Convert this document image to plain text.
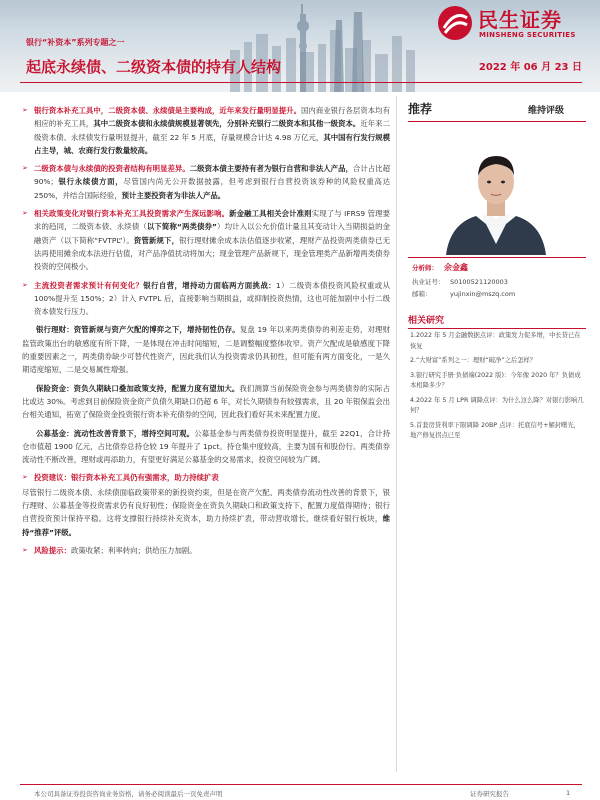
民生证券
MINSHENG SECURITIES
银行“补资本”系列专题之一
起底永续债、二级资本债的持有人结构	2022 年 06 月 23 日

➢ 银行资本补充工具中，二级资本债、永续债是主要构成，近年来发行量明显提升。国内商业银行各层资本均有相应的补充工具，其中二级资本债和永续债规模显著领先，分别补充银行二级资本和其他一级资本。近年来二级资本债、永续债发行量明显提升，截至 22 年 5 月底，存量规模合计达 4.98 万亿元，其中国有行发行规模占主导，城、农商行发行数量较高。

➢ 二级资本债与永续债的投资者结构有明显差异。二级资本债主要持有者为银行自营和非法人产品，合计占比超 90%；银行永续债方面，尽管国内尚无公开数据披露，但考虑到银行自营投资该券种的风险权重高达 250%，并结合国际经验，预计主要投资者为非法人产品。

➢ 相关政策变化对银行资本补充工具投资需求产生深远影响。新金融工具相关会计准则实现了与 IFRS9 管理要求的趋同，二级资本债、永续债（以下简称“两类债券”）均计入以公允价值计量且其变动计入当期损益的金融资产（以下简称“FVTPL”）。资管新规下，银行理财摊余成本法估值逐步收紧，理财产品投资两类债券已无法再使用摊余成本法进行估值，对产品净值扰动将加大；现金管理产品新规下，现金管理类产品新增两类债券投资的空间极小。

➢ 主流投资者需求预计有何变化？银行自营，增持动力面临两方面挑战：1）二级资本债投资风险权重或从 100%提升至 150%；2）计入 FVTPL 后，直接影响当期损益，或抑制投资热情，这也可能加剧中小行二级资本债发行压力。

银行理财：资管新规与资产欠配的博弈之下，增持韧性仍存。复盘 19 年以来两类债券的利差走势，对理财监管政策出台的敏感度有所下降，一是体现在冲击时间缩短，二是调整幅度整体收窄。资产欠配成是敏感度下降的重要因素之一，两类债券缺少可替代性资产，因此我们认为投资需求仍具韧性，但可能有两方面变化，一是久期适度缩短，二是交易属性增强。

保险资金：资负久期缺口叠加政策支持，配置力度有望加大。我们测算当前保险资金参与两类债券的实际占比或达 30%。考虑到目前保险资金资产负债久期缺口仍超 6 年，对长久期债券有较强需求，且 20 年银保监会出台相关通知，拓宽了保险资金投资银行资本补充债券的空间，因此我们看好其未来配置力度。

公募基金：流动性改善背景下，增持空间可观。公募基金参与两类债券投资明显提升，截至 22Q1，合计持仓市值超 1900 亿元，占比债券总持仓较 19 年提升了 1pct。持仓集中度较高，主要为国有和股份行。两类债券流动性不断改善，理财或再添助力，有望更好满足公募基金的交易需求，投资空间较为广阔。

➢ 投资建议：银行资本补充工具仍有强需求，助力持续扩表

尽管银行二级资本债、永续债面临政策带来的新投资约束，但是在资产欠配、两类债券流动性改善的背景下，银行理财、公募基金等投资需求仍有良好韧性；保险资金在资负久期缺口和政策支持下，配置力度值得期待；银行自营投资预计保持平稳。这将支撑银行持续补充资本，助力持续扩表，带动营收增长，继续看好银行板块，维持“推荐”评级。

➢ 风险提示：政策收紧；利率转向；供给压力加剧。

推荐	维持评级
分析师： 余金鑫
执业证号： S0100521120003
邮箱：	yujinxin@mszq.com
相关研究
1.2022 年 5 月金融数据点评：政策发力促多增，中长贷已在恢复
2.“大财富”系列之一：理财“破净”之后怎样？
3.银行研究手册·负债端(2022 版)：今年像 2020 年？负债成本相降多少？
4.2022 年 5 月 LPR 调降点评：为什么这么降？对银行影响几何？
5.首套房贷利率下限调降 20BP 点评：托底信号+解封曙光，地产修复拐点已至
本公司具备证券投资咨询业务资格，请务必阅读最后一页免责声明	证券研究报告	1
